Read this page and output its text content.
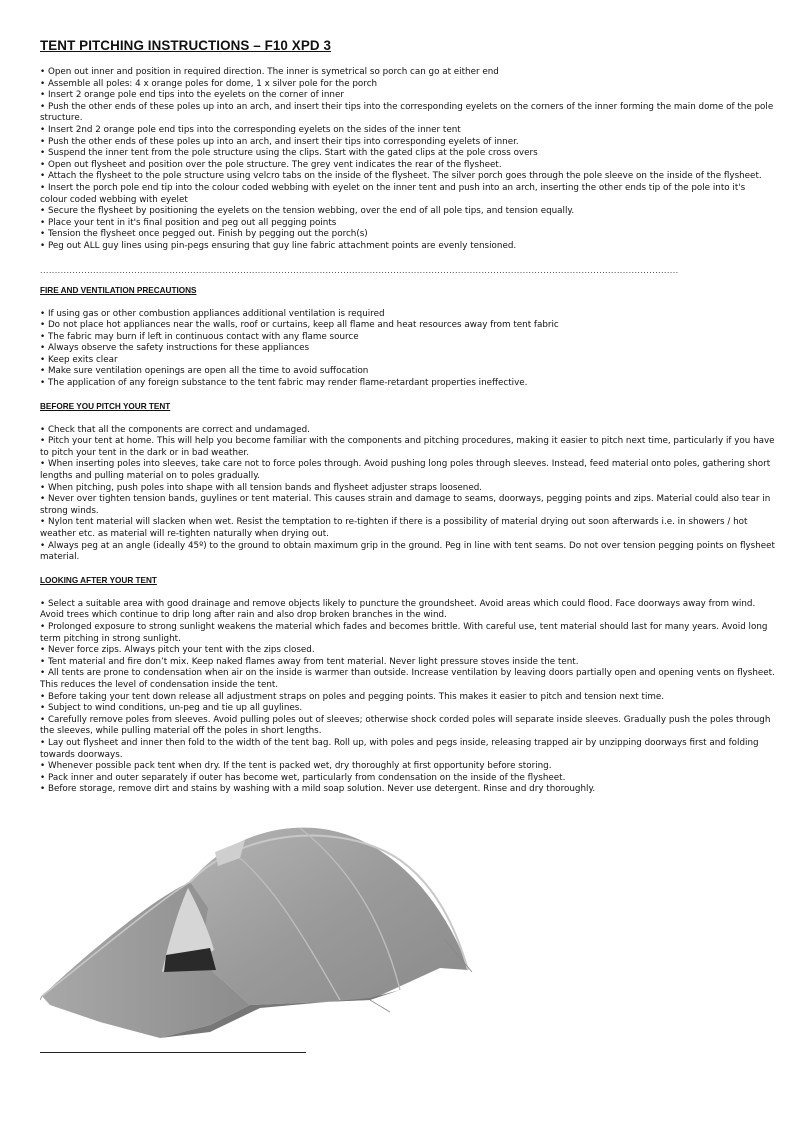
TENT PITCHING INSTRUCTIONS – F10 XPD 3
• Open out inner and position in required direction. The inner is symetrical so porch can go at either end
• Assemble all poles: 4 x orange poles for dome, 1 x silver pole for the porch
• Insert 2 orange pole end tips into the eyelets on the corner of inner
• Push the other ends of these poles up into an arch, and insert their tips into the corresponding eyelets on the corners of the inner forming the main dome of the pole structure.
• Insert 2nd 2 orange pole end tips into the corresponding eyelets on the sides of the inner tent
• Push the other ends of these poles up into an arch, and insert their tips into corresponding eyelets of inner.
• Suspend the inner tent from the pole structure using the clips. Start with the gated clips at the pole cross overs
• Open out flysheet and position over the pole structure. The grey vent indicates the rear of the flysheet.
• Attach the flysheet to the pole structure using velcro tabs on the inside of the flysheet. The silver porch goes through the pole sleeve on the inside of the flysheet.
• Insert the porch pole end tip into the colour coded webbing with eyelet on the inner tent and push into an arch, inserting the other ends tip of the pole into it's colour coded webbing with eyelet
• Secure the flysheet by positioning the eyelets on the tension webbing, over the end of all pole tips, and tension equally.
• Place your tent in it's final position and peg out all pegging points
• Tension the flysheet once pegged out. Finish by pegging out the porch(s)
• Peg out ALL guy lines using pin-pegs ensuring that guy line fabric attachment points are evenly tensioned.
.........................................................................................................................................................................................................................
FIRE AND VENTILATION PRECAUTIONS
• If using gas or other combustion appliances additional ventilation is required
• Do not place hot appliances near the walls, roof or curtains, keep all flame and heat resources away from tent fabric
• The fabric may burn if left in continuous contact with any flame source
• Always observe the safety instructions for these appliances
• Keep exits clear
• Make sure ventilation openings are open all the time to avoid suffocation
• The application of any foreign substance to the tent fabric may render flame-retardant properties ineffective.
BEFORE YOU PITCH YOUR TENT
• Check that all the components are correct and undamaged.
• Pitch your tent at home. This will help you become familiar with the components and pitching procedures, making it easier to pitch next time, particularly if you have to pitch your tent in the dark or in bad weather.
• When inserting poles into sleeves, take care not to force poles through. Avoid pushing long poles through sleeves. Instead, feed material onto poles, gathering short lengths and pulling material on to poles gradually.
• When pitching, push poles into shape with all tension bands and flysheet adjuster straps loosened.
• Never over tighten tension bands, guylines or tent material. This causes strain and damage to seams, doorways, pegging points and zips. Material could also tear in strong winds.
• Nylon tent material will slacken when wet. Resist the temptation to re-tighten if there is a possibility of material drying out soon afterwards i.e. in showers / hot weather etc. as material will re-tighten naturally when drying out.
• Always peg at an angle (ideally 45º) to the ground to obtain maximum grip in the ground. Peg in line with tent seams. Do not over tension pegging points on flysheet material.
LOOKING AFTER YOUR TENT
• Select a suitable area with good drainage and remove objects likely to puncture the groundsheet. Avoid areas which could flood. Face doorways away from wind. Avoid trees which continue to drip long after rain and also drop broken branches in the wind.
• Prolonged exposure to strong sunlight weakens the material which fades and becomes brittle. With careful use, tent material should last for many years. Avoid long term pitching in strong sunlight.
• Never force zips. Always pitch your tent with the zips closed.
• Tent material and fire don’t mix. Keep naked flames away from tent material. Never light pressure stoves inside the tent.
• All tents are prone to condensation when air on the inside is warmer than outside. Increase ventilation by leaving doors partially open and opening vents on flysheet. This reduces the level of condensation inside the tent.
• Before taking your tent down release all adjustment straps on poles and pegging points. This makes it easier to pitch and tension next time.
• Subject to wind conditions, un-peg and tie up all guylines.
• Carefully remove poles from sleeves. Avoid pulling poles out of sleeves; otherwise shock corded poles will separate inside sleeves. Gradually push the poles through the sleeves, while pulling material off the poles in short lengths.
• Lay out flysheet and inner then fold to the width of the tent bag. Roll up, with poles and pegs inside, releasing trapped air by unzipping doorways first and folding towards doorways.
• Whenever possible pack tent when dry. If the tent is packed wet, dry thoroughly at first opportunity before storing.
• Pack inner and outer separately if outer has become wet, particularly from condensation on the inside of the flysheet.
• Before storage, remove dirt and stains by washing with a mild soap solution. Never use detergent. Rinse and dry thoroughly.
